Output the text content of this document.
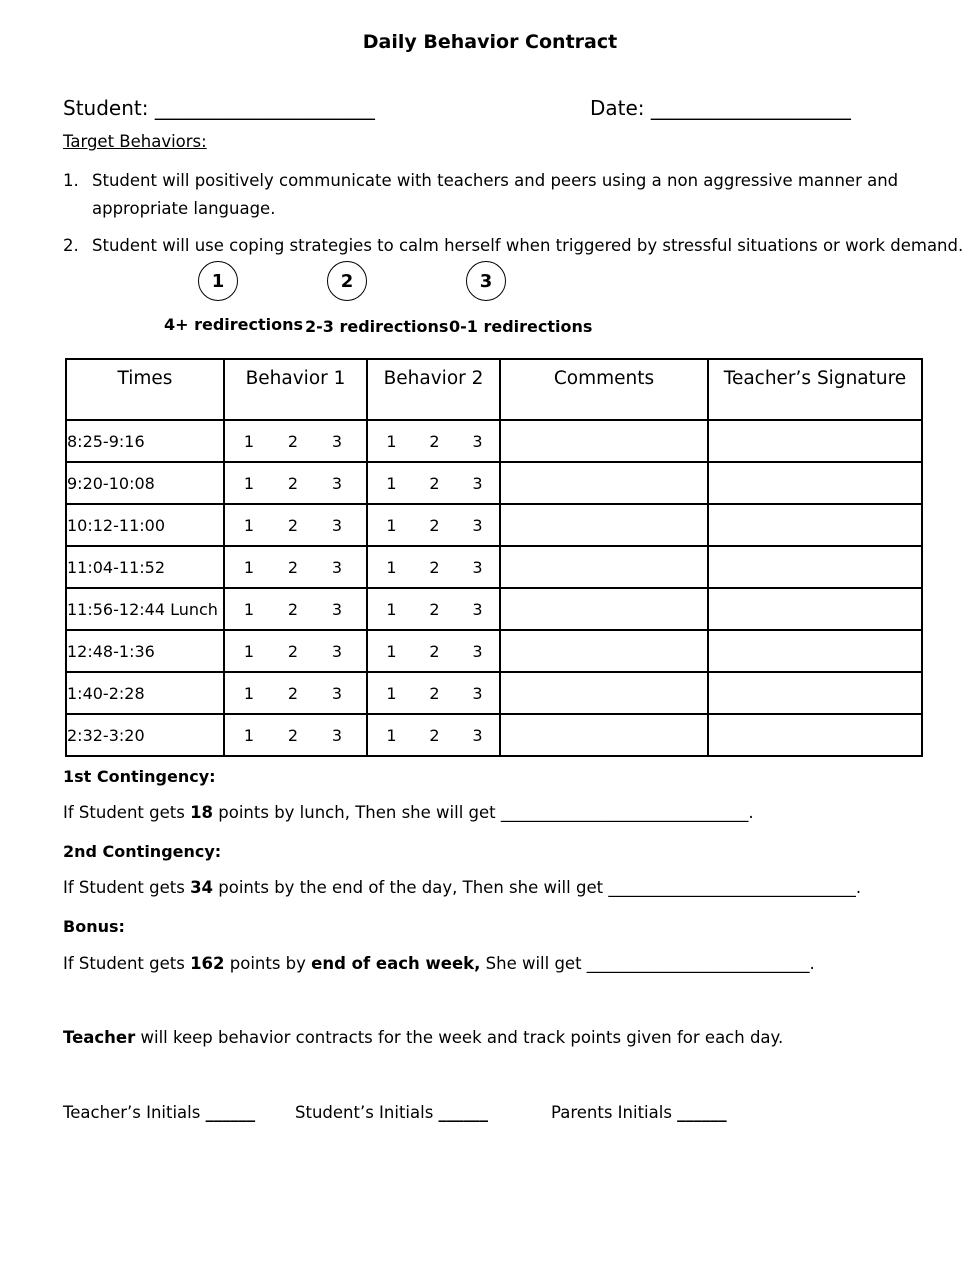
Daily Behavior Contract
Student: ______________________	Date: ____________________
Target Behaviors:
1. Student will positively communicate with teachers and peers using a non aggressive manner and
appropriate language.
2. Student will use coping strategies to calm herself when triggered by stressful situations or work demand.
1	2	3
4+ redirections 2-3 redirections 0-1 redirections
Times	Behavior 1	Behavior 2	Comments	Teacher’s Signature
8:25-9:16	1 2 3	1 2 3		

9:20-10:08	1 2 3	1 2 3		

10:12-11:00	1 2 3	1 2 3		

11:04-11:52	1 2 3	1 2 3		

11:56-12:44 Lunch	1 2 3	1 2 3		

12:48-1:36	1 2 3	1 2 3		

1:40-2:28	1 2 3	1 2 3		

2:32-3:20	1 2 3	1 2 3		

1st Contingency:
If Student gets 18 points by lunch, Then she will get ______________________________.
2nd Contingency:
If Student gets 34 points by the end of the day, Then she will get ______________________________.
Bonus:
If Student gets 162 points by end of each week, She will get ___________________________.
Teacher will keep behavior contracts for the week and track points given for each day.
Teacher’s Initials ______ Student’s Initials ______	Parents Initials ______
